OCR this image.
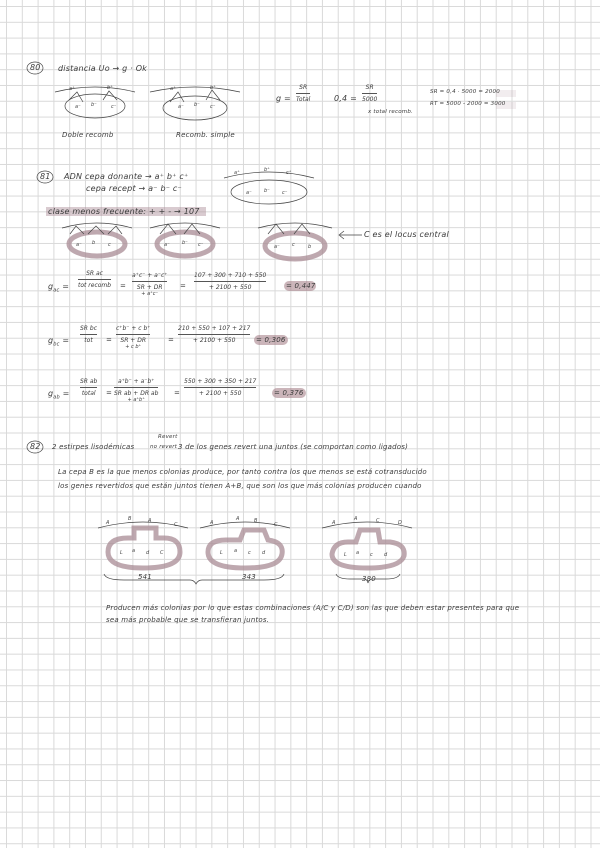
80 distancia Uo → g · Ok
a⁺	b⁺
a⁻ b⁻	c⁻
Doble recomb
a⁺	b⁺
a⁻ b⁻ c⁻
Recomb. simple
g =
SR
Total	0,4 =
SR
5000
x total recomb.
SR = 0,4 · 5000 = 2000
RT = 5000 - 2000 = 3000
81 ADN cepa donante → a⁺ b⁺ c⁺
cepa recept → a⁻ b⁻ c⁻
clase menos frecuente: + + - → 107
a⁺	b⁺	c⁺
a⁻ b⁻ c⁻
a⁻ b	c	a⁻ b⁻ c⁻	a⁻ c	b
C es el locus central
$g_{ac}$ =
SR ac
tot recomb =
a⁺c⁻ + a⁻c⁺
SR + DR
+ a⁺c⁻
=
107 + 300 + 710 + 550
+ 2100 + 550	= 0,447
$g_{bc}$ =
SR bc
tot =
c⁺b⁻ + c b⁺
SR + DR
+ c b⁺
=
210 + 550 + 107 + 217
+ 2100 + 550	= 0,306
$g_{ab}$ =
SR ab
total =
a⁺b⁻ + a⁻b⁺
SR ab + DR ab
+ a⁺b⁺
=
550 + 300 + 350 + 217
+ 2100 + 550	= 0,376
82 2 estirpes lisodémicas
Revert
no revert 3 de los genes revert una juntos (se comportan como ligados)
La cepa B es la que menos colonias produce, por tanto contra los que menos se está cotransducido
los genes revertidos que están juntos tienen A+B, que son los que más colonias producen cuando
A
B	A
C
L a d C
A
A	B
C
L a c d
A
A	C	D
L a c d
541	343	380
Producen más colonias por lo que estas combinaciones (A/C y C/D) son las que deben estar presentes para que
sea más probable que se transfieran juntos.
